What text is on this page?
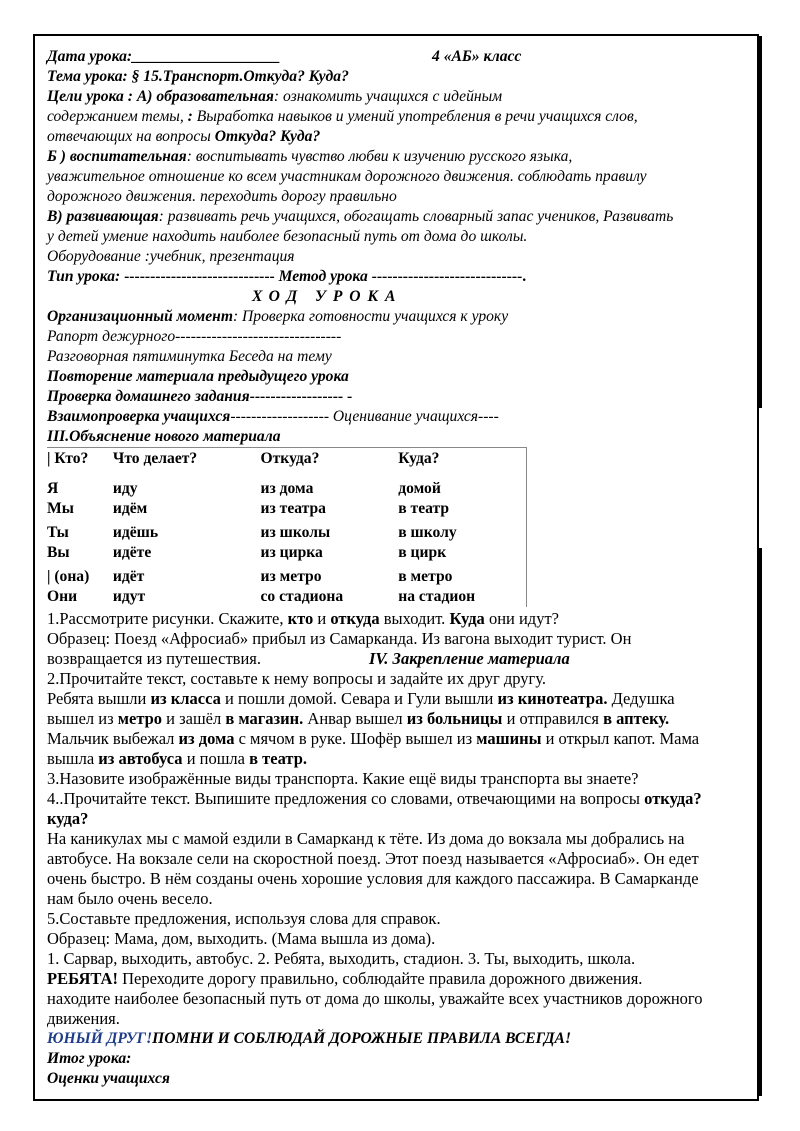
Дата урока:___________________	4 «АБ» класс
Тема урока: § 15.Транспорт.Откуда? Куда?
Цели урока : А) образовательная: ознакомить учащихся с идейным
содержанием темы, : Выработка навыков и умений употребления в речи учащихся слов,
отвечающих на вопросы Откуда? Куда?
Б ) воспитательная: воспитывать чувство любви к изучению русского языка,
уважительное отношение ко всем участникам дорожного движения. соблюдать правилу
дорожного движения. переходить дорогу правильно
В) развивающая: развивать речь учащихся, обогащать словарный запас учеников, Развивать
у детей умение находить наиболее безопасный путь от дома до школы.
Оборудование :учебник, презентация
Тип урока: ----------------------------- Метод урока -----------------------------.
ХОД УРОКА
Организационный момент: Проверка готовности учащихся к уроку
Рапорт дежурного--------------------------------
Разговорная пятиминутка Беседа на тему
Повторение материала предыдущего урока
Проверка домашнего задания------------------ -
Взаимопроверка учащихся------------------- Оценивание учащихся----
III.Объяснение нового материала
| Кто?	Что делает?	Откуда?	Куда?

Я	иду	из дома	домой
Мы	идём	из театра	в театр

Ты	идёшь	из школы	в школу
Вы	идёте	из цирка	в цирк

| (она)	идёт	из метро	в метро
Они	идут	со стадиона	на стадион
1.Рассмотрите рисунки. Скажите, кто и откуда выходит. Куда они идут?
Образец: Поезд «Афросиаб» прибыл из Самарканда. Из вагона выходит турист. Он
возвращается из путешествия.	IV. Закрепление материала
2.Прочитайте текст, составьте к нему вопросы и задайте их друг другу.
Ребята вышли из класса и пошли домой. Севара и Гули вышли из кинотеатра. Дедушка
вышел из метро и зашёл в магазин. Анвар вышел из больницы и отправился в аптеку.
Мальчик выбежал из дома с мячом в руке. Шофёр вышел из машины и открыл капот. Мама
вышла из автобуса и пошла в театр.
3.Назовите изображённые виды транспорта. Какие ещё виды транспорта вы знаете?
4..Прочитайте текст. Выпишите предложения со словами, отвечающими на вопросы откуда?
куда?
На каникулах мы с мамой ездили в Самарканд к тёте. Из дома до вокзала мы добрались на
автобусе. На вокзале сели на скоростной поезд. Этот поезд называется «Афросиаб». Он едет
очень быстро. В нём созданы очень хорошие условия для каждого пассажира. В Самарканде
нам было очень весело.
5.Составьте предложения, используя слова для справок.
Образец: Мама, дом, выходить. (Мама вышла из дома).
1. Сарвар, выходить, автобус. 2. Ребята, выходить, стадион. 3. Ты, выходить, школа.
РЕБЯТА! Переходите дорогу правильно, соблюдайте правила дорожного движения.
находите наиболее безопасный путь от дома до школы, уважайте всех участников дорожного
движения.
ЮНЫЙ ДРУГ!ПОМНИ И СОБЛЮДАЙ ДОРОЖНЫЕ ПРАВИЛА ВСЕГДА!
Итог урока:
Оценки учащихся
